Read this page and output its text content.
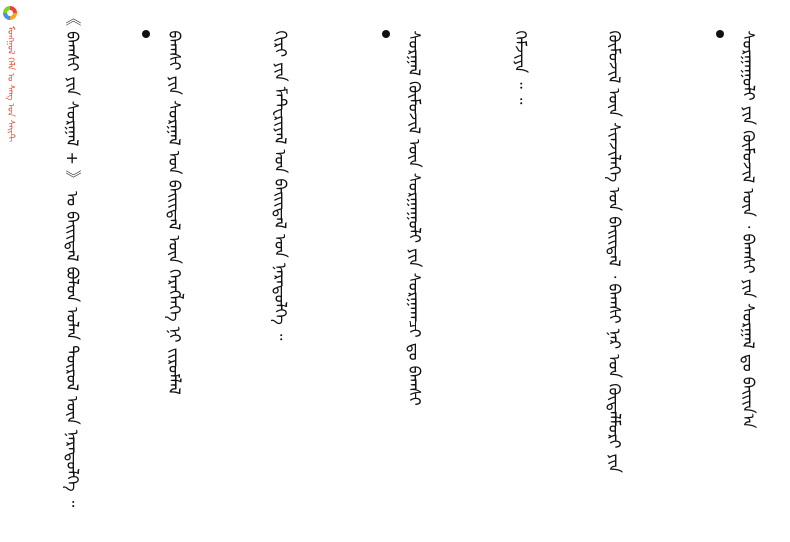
ᠮᠤᠩᠭᠤᠯ ᠬᠡᠯᠡ ᠤ ᠰᠠᠩ ᠤᠨ ᠰᠠᠢᠲ	《 ᠪᠠᠭᠰᠢ ᠶᠢᠨ ᠰᠤᠷᠭᠠᠯ + 》 ᠤ ᠪᠠᠢᠢᠳᠠᠯ ᠪᠤᠯᠤᠨ ᠤᠯᠠᠨ ᠲᠥᠷᠥᠯ ᠦᠨ ᠨᠡᠷᠡᠲᠦᠯᠭᠡ ᠃

	ᠪᠠᠭᠰᠢ ᠶᠢᠨ ᠰᠤᠷᠭᠠᠯ ᠤᠨ ᠪᠠᠢᠢᠳᠠᠯ ᠦᠨ ᠬᠡᠷᠡᠭᠯᠡᠭᠡ ᠨᠢ ᠵᠢᠷᠤᠮᠯᠠᠯ
	ᠬᠢᠷᠢ ᠶᠢᠨ ᠮᠠᠲ᠋ᠧᠷᠢᠶᠠᠯ ᠤᠨ ᠪᠠᠢᠢᠳᠠᠯ ᠤᠨ ᠨᠡᠷᠡᠲᠦᠯᠭᠡ ᠃

	ᠰᠤᠷᠭᠠᠯ ᠬᠦᠮᠦᠵᠢᠯ ᠦᠨ ᠰᠤᠷᠭᠠᠭᠤᠯᠢ ᠶᠢᠨ ᠰᠤᠷᠭᠠᠭᠴᠢ ᠳᠤ ᠪᠠᠭᠰᠢ
	ᠬᠡᠮᠵᠢᠶᠡ ᠃ ᠃
	ᠬᠦᠮᠦᠵᠢᠯ ᠦᠨ ᠰᠢᠨᠵᠢᠯᠡᠭᠡ ᠤᠨ ᠪᠠᠢᠢᠳᠠᠯ ᠂ ᠪᠠᠭᠰᠢ ᠨᠠᠷ ᠤᠨ ᠬᠦᠳᠡᠯᠮᠦᠷᠢ ᠶᠢᠨ

	ᠰᠤᠷᠭᠠᠭᠤᠯᠢ ᠶᠢᠨ ᠬᠦᠮᠦᠵᠢᠯ ᠦᠨ ᠂ ᠪᠠᠭᠰᠢ ᠶᠢᠨ ᠰᠤᠷᠭᠠᠯ ᠳᠤ ᠪᠠᠢᠢᠨ᠎ᠠ
